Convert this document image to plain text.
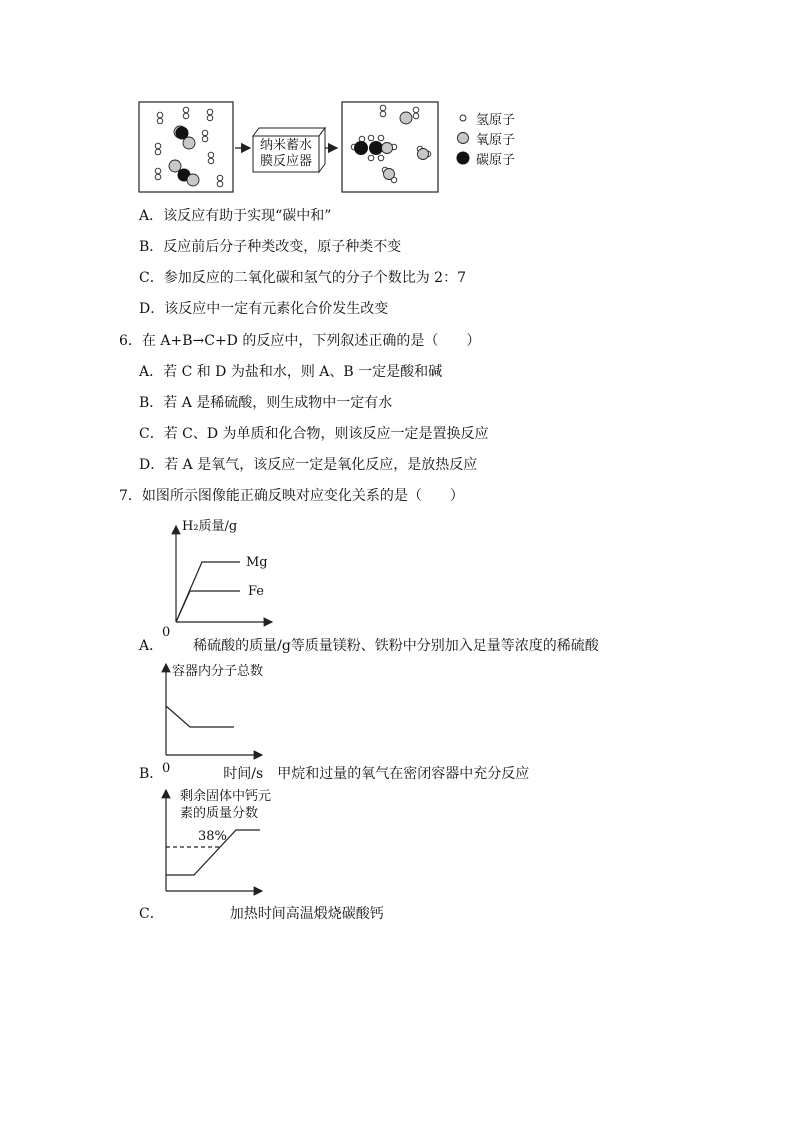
纳米蓄水
膜反应器
氢原子
氧原子
碳原子
A．该反应有助于实现“碳中和”
B．反应前后分子种类改变，原子种类不变
C．参加反应的二氧化碳和氢气的分子个数比为 2：7
D．该反应中一定有元素化合价发生改变
6．在 A+B→C+D 的反应中，下列叙述正确的是（　　）
A．若 C 和 D 为盐和水，则 A、B 一定是酸和碱
B．若 A 是稀硫酸，则生成物中一定有水
C．若 C、D 为单质和化合物，则该反应一定是置换反应
D．若 A 是氧气，该反应一定是氧化反应，是放热反应
7．如图所示图像能正确反映对应变化关系的是（　　）
H₂质量/g
Mg
Fe
0
A． 稀硫酸的质量/g等质量镁粉、铁粉中分别加入足量等浓度的稀硫酸
容器内分子总数
0
B．	时间/s 甲烷和过量的氧气在密闭容器中充分反应
剩余固体中钙元
素的质量分数
38%
C．	加热时间高温煅烧碳酸钙
